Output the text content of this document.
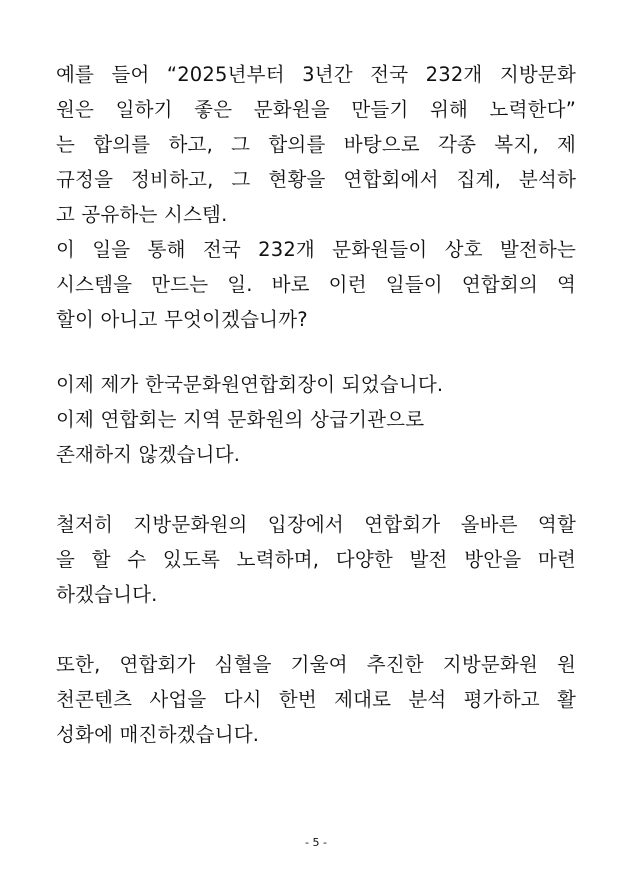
예를 들어 “2025년부터 3년간 전국 232개 지방문화
원은 일하기 좋은 문화원을 만들기 위해 노력한다”
는 합의를 하고, 그 합의를 바탕으로 각종 복지, 제
규정을 정비하고, 그 현황을 연합회에서 집계, 분석하
고 공유하는 시스템.
이 일을 통해 전국 232개 문화원들이 상호 발전하는
시스템을 만드는 일. 바로 이런 일들이 연합회의 역
할이 아니고 무엇이겠습니까?
이제 제가 한국문화원연합회장이 되었습니다.
이제 연합회는 지역 문화원의 상급기관으로
존재하지 않겠습니다.
철저히 지방문화원의 입장에서 연합회가 올바른 역할
을 할 수 있도록 노력하며, 다양한 발전 방안을 마련
하겠습니다.
또한, 연합회가 심혈을 기울여 추진한 지방문화원 원
천콘텐츠 사업을 다시 한번 제대로 분석 평가하고 활
성화에 매진하겠습니다.
- 5 -
